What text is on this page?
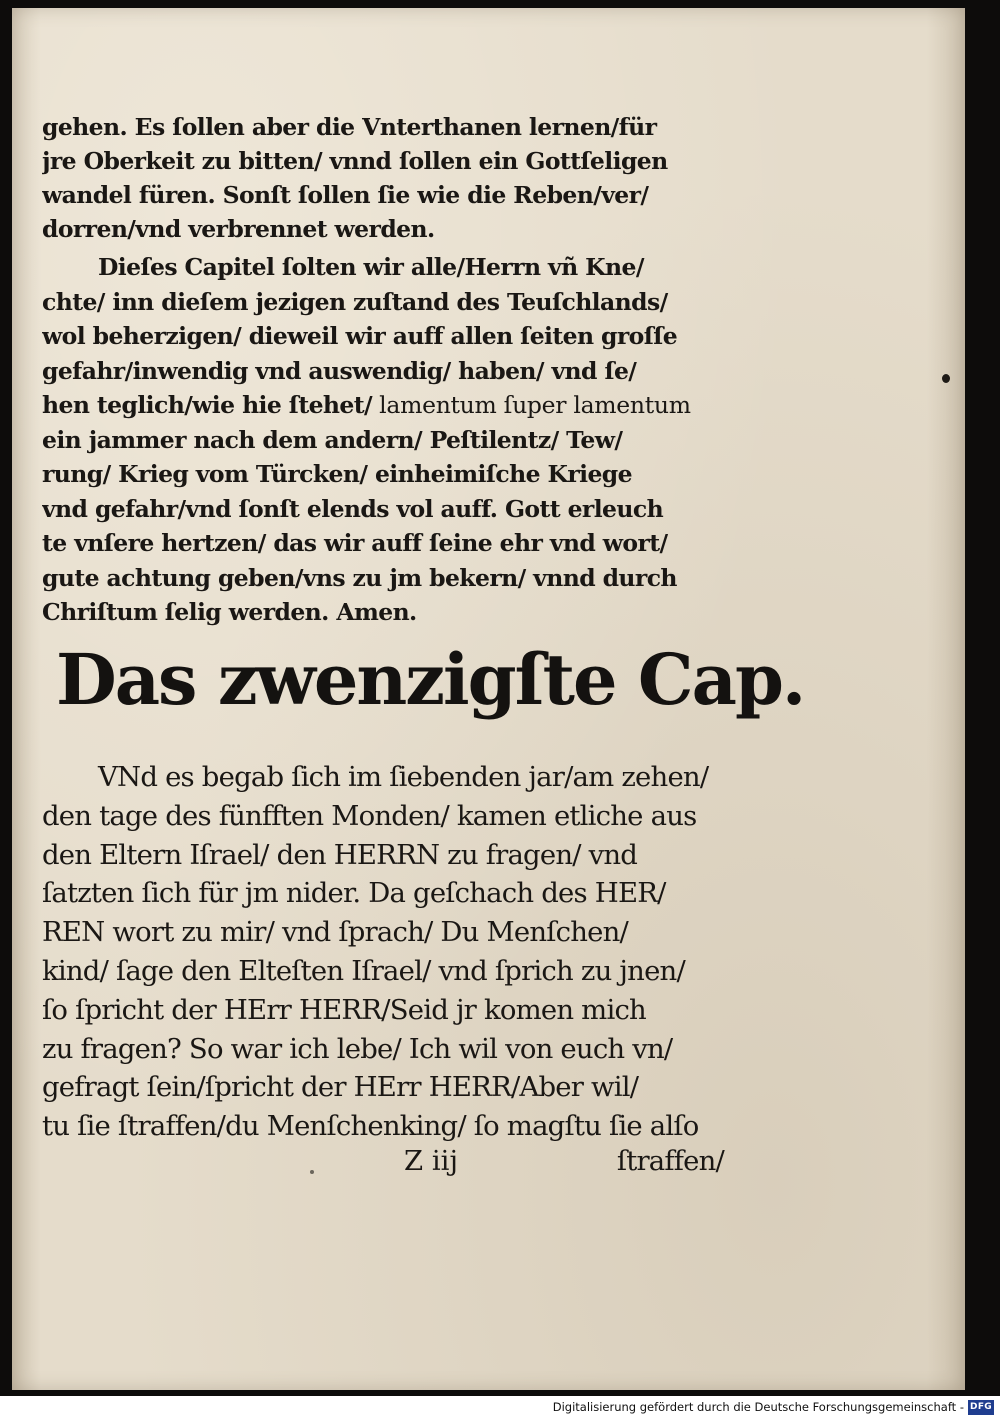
gehen. Es ſollen aber die Vnterthanen lernen/für
jre Oberkeit zu bitten/ vnnd ſollen ein Gottſeligen
wandel füren. Sonſt ſollen ſie wie die Reben/ver/
dorren/vnd verbrennet werden.
Dieſes Capitel ſolten wir alle/Herrn vñ Kne/
chte/ inn dieſem jezigen zuſtand des Teuſchlands/
wol beherzigen/ dieweil wir auff allen ſeiten groſſe
gefahr/inwendig vnd auswendig/ haben/ vnd ſe/
hen teglich/wie hie ſtehet/ lamentum ſuper lamentum
ein jammer nach dem andern/ Peſtilentz/ Tew/
rung/ Krieg vom Türcken/ einheimiſche Kriege
vnd gefahr/vnd ſonſt elends vol auff. Gott erleuch
te vnſere hertzen/ das wir auff ſeine ehr vnd wort/
gute achtung geben/vns zu jm bekern/ vnnd durch
Chriſtum ſelig werden. Amen.
Das zwenzigſte Cap.
VNd es begab ſich im ſiebenden jar/am zehen/
den tage des fünfften Monden/ kamen etliche aus
den Eltern Iſrael/ den HERRN zu fragen/ vnd
ſatzten ſich für jm nider. Da geſchach des HER/
REN wort zu mir/ vnd ſprach/ Du Menſchen/
kind/ ſage den Elteſten Iſrael/ vnd ſprich zu jnen/
ſo ſpricht der HErr HERR/Seid jr komen mich
zu fragen? So war ich lebe/ Ich wil von euch vn/
gefragt ſein/ſpricht der HErr HERR/Aber wil/
tu ſie ſtraffen/du Menſchenking/ ſo magſtu ſie alſo
Z iij	ſtraffen/
Digitalisierung gefördert durch die Deutsche Forschungsgemeinschaft - DFG
